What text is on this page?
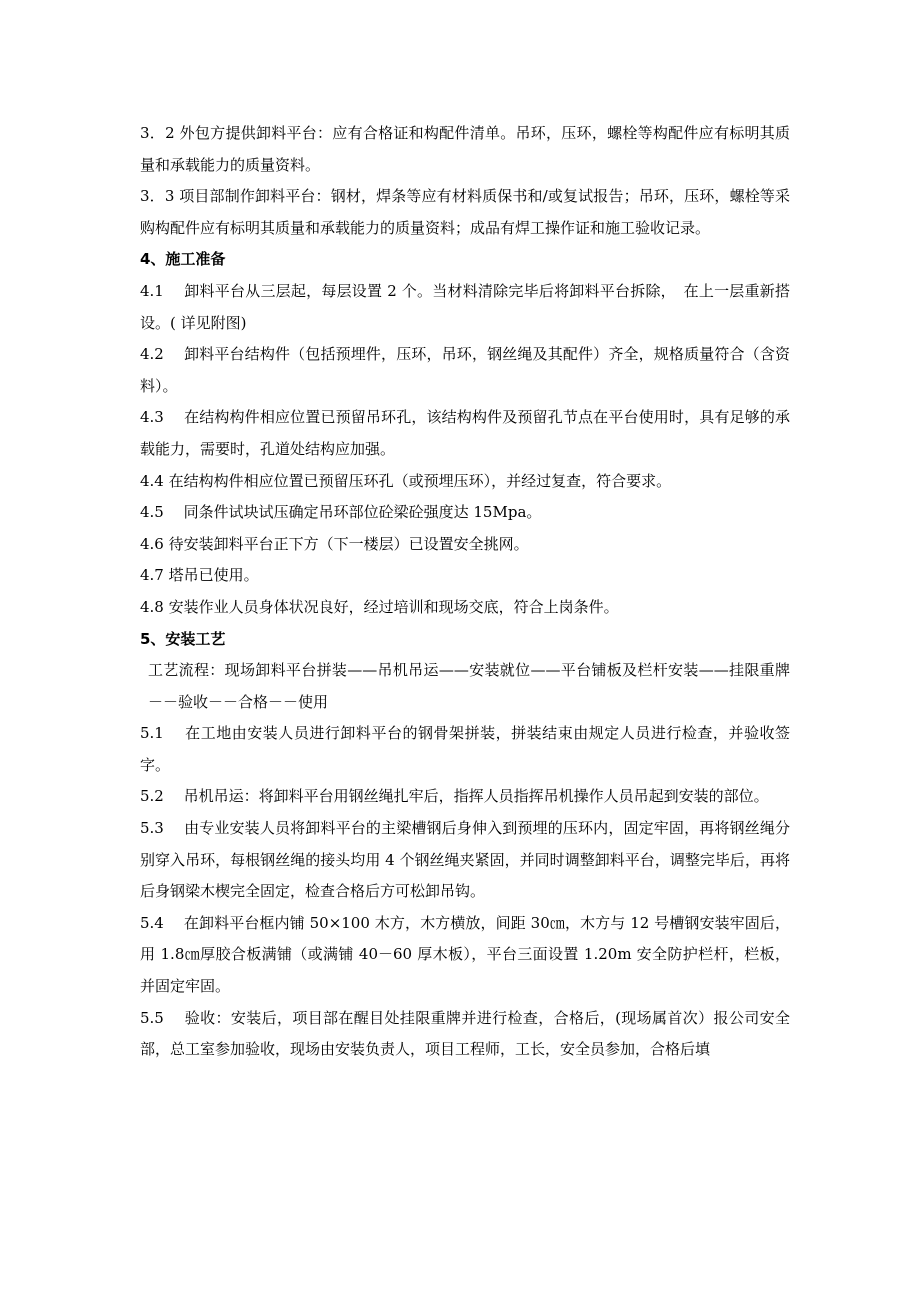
3．2 外包方提供卸料平台：应有合格证和构配件清单。吊环，压环，螺栓等构配件应有标明其质量和承载能力的质量资料。

3．3 项目部制作卸料平台：钢材，焊条等应有材料质保书和/或复试报告；吊环，压环，螺栓等采购构配件应有标明其质量和承载能力的质量资料；成品有焊工操作证和施工验收记录。

4、施工准备

4.1　 卸料平台从三层起，每层设置 2 个。当材料清除完毕后将卸料平台拆除，　在上一层重新搭设。( 详见附图)

4.2　 卸料平台结构件（包括预埋件，压环，吊环，钢丝绳及其配件）齐全，规格质量符合（含资料）。

4.3　 在结构构件相应位置已预留吊环孔，该结构构件及预留孔节点在平台使用时，具有足够的承载能力，需要时，孔道处结构应加强。

4.4 在结构构件相应位置已预留压环孔（或预埋压环），并经过复查，符合要求。

4.5　 同条件试块试压确定吊环部位砼梁砼强度达 15Mpa。

4.6 待安装卸料平台正下方（下一楼层）已设置安全挑网。

4.7 塔吊已使用。

4.8 安装作业人员身体状况良好，经过培训和现场交底，符合上岗条件。

5、安装工艺

工艺流程：现场卸料平台拼装——吊机吊运——安装就位——平台铺板及栏杆安装——挂限重牌－－验收－－合格－－使用

5.1　 在工地由安装人员进行卸料平台的钢骨架拼装，拼装结束由规定人员进行检查，并验收签字。

5.2　 吊机吊运：将卸料平台用钢丝绳扎牢后，指挥人员指挥吊机操作人员吊起到安装的部位。

5.3　 由专业安装人员将卸料平台的主梁槽钢后身伸入到预埋的压环内，固定牢固，再将钢丝绳分别穿入吊环，每根钢丝绳的接头均用 4 个钢丝绳夹紧固，并同时调整卸料平台，调整完毕后，再将后身钢梁木楔完全固定，检查合格后方可松卸吊钩。

5.4　 在卸料平台框内铺 50×100 木方，木方横放，间距 30㎝，木方与 12 号槽钢安装牢固后，用 1.8㎝厚胶合板满铺（或满铺 40－60 厚木板），平台三面设置 1.20m 安全防护栏杆，栏板，并固定牢固。

5.5　 验收：安装后，项目部在醒目处挂限重牌并进行检查，合格后，(现场属首次）报公司安全部，总工室参加验收，现场由安装负责人，项目工程师，工长，安全员参加，合格后填
